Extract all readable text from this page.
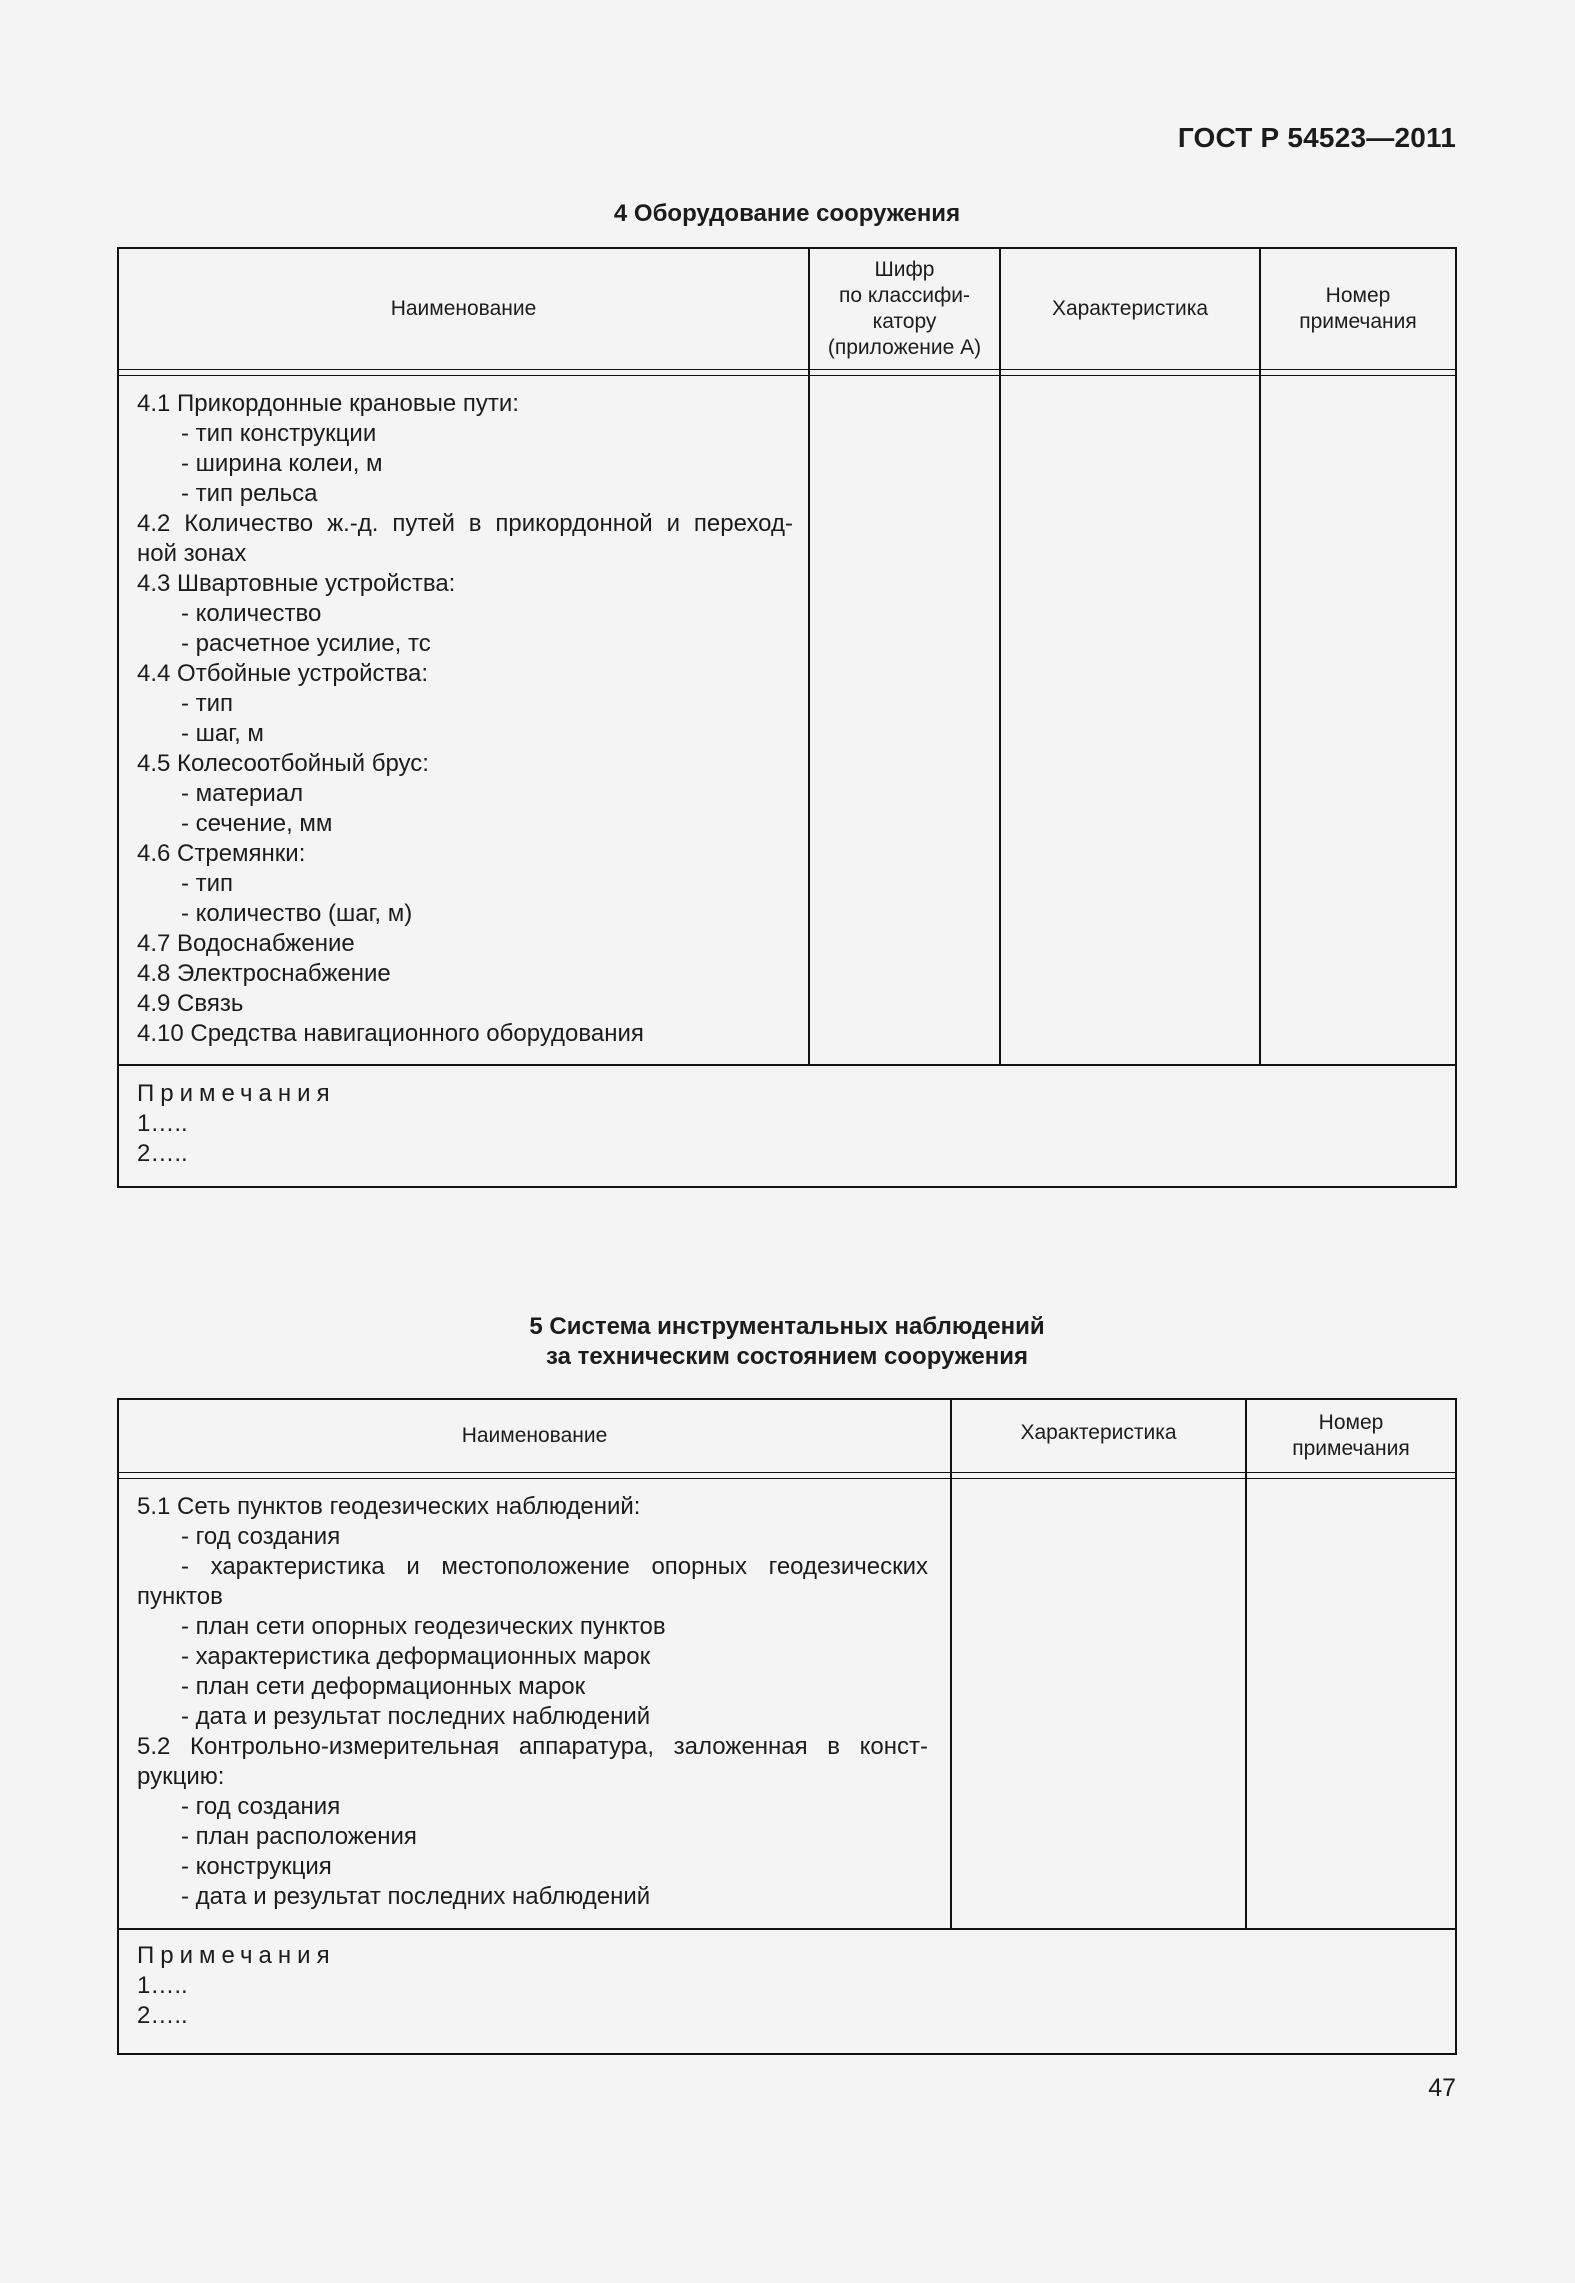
ГОСТ Р 54523—2011
4 Оборудование сооружения
Наименование
Шифр
по классифи-
катору
(приложение А)
Характеристика
Номер
примечания
4.1 Прикордонные крановые пути:
- тип конструкции
- ширина колеи, м
- тип рельса
4.2 Количество ж.-д. путей в прикордонной и переход-
ной зонах
4.3 Швартовные устройства:
- количество
- расчетное усилие, тс
4.4 Отбойные устройства:
- тип
- шаг, м
4.5 Колесоотбойный брус:
- материал
- сечение, мм
4.6 Стремянки:
- тип
- количество (шаг, м)
4.7 Водоснабжение
4.8 Электроснабжение
4.9 Связь
4.10 Средства навигационного оборудования
Примечания
1…..
2…..
5 Система инструментальных наблюдений
за техническим состоянием сооружения
Наименование	Характеристика	Номер
примечания
5.1 Сеть пунктов геодезических наблюдений:
- год создания
- характеристика и местоположение опорных геодезических
пунктов
- план сети опорных геодезических пунктов
- характеристика деформационных марок
- план сети деформационных марок
- дата и результат последних наблюдений
5.2 Контрольно-измерительная аппаратура, заложенная в конст-
рукцию:
- год создания
- план расположения
- конструкция
- дата и результат последних наблюдений
Примечания
1…..
2…..
47
